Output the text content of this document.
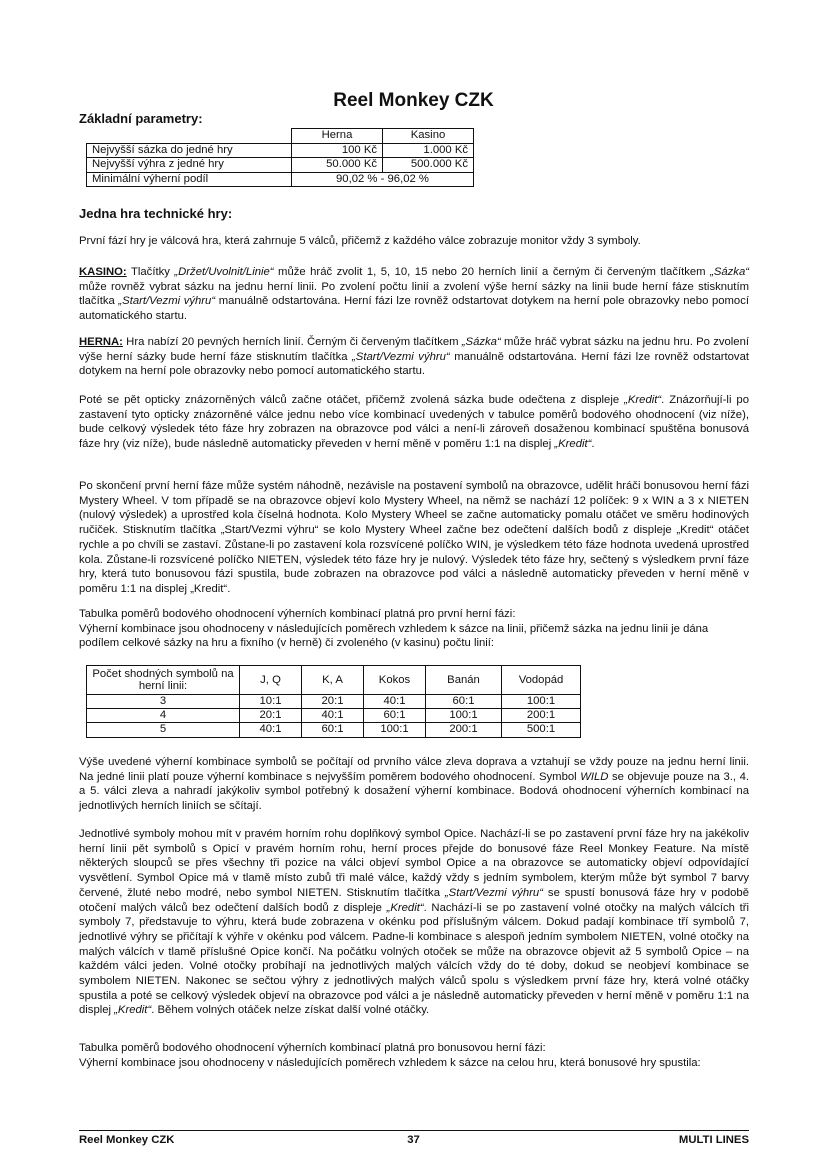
Reel Monkey CZK
Základní parametry:
	Herna	Kasino
Nejvyšší sázka do jedné hry	100 Kč	1.000 Kč
Nejvyšší výhra z jedné hry	50.000 Kč	500.000 Kč
Minimální výherní podíl	90,02 % - 96,02 %	
Jedna hra technické hry:
První fází hry je válcová hra, která zahrnuje 5 válců, přičemž z každého válce zobrazuje monitor vždy 3 symboly.
KASINO: Tlačítky „Držet/Uvolnit/Linie“ může hráč zvolit 1, 5, 10, 15 nebo 20 herních linií a černým či červeným tlačítkem „Sázka“ může rovněž vybrat sázku na jednu herní linii. Po zvolení počtu linií a zvolení výše herní sázky na linii bude herní fáze stisknutím tlačítka „Start/Vezmi výhru“ manuálně odstartována. Herní fázi lze rovněž odstartovat dotykem na herní pole obrazovky nebo pomocí automatického startu.
HERNA: Hra nabízí 20 pevných herních linií. Černým či červeným tlačítkem „Sázka“ může hráč vybrat sázku na jednu hru. Po zvolení výše herní sázky bude herní fáze stisknutím tlačítka „Start/Vezmi výhru“ manuálně odstartována. Herní fázi lze rovněž odstartovat dotykem na herní pole obrazovky nebo pomocí automatického startu.
Poté se pět opticky znázorněných válců začne otáčet, přičemž zvolená sázka bude odečtena z displeje „Kredit“. Znázorňují-li po zastavení tyto opticky znázorněné válce jednu nebo více kombinací uvedených v tabulce poměrů bodového ohodnocení (viz níže), bude celkový výsledek této fáze hry zobrazen na obrazovce pod válci a není-li zároveň dosaženou kombinací spuštěna bonusová fáze hry (viz níže), bude následně automaticky převeden v herní měně v poměru 1:1 na displej „Kredit“.
Po skončení první herní fáze může systém náhodně, nezávisle na postavení symbolů na obrazovce, udělit hráči bonusovou herní fázi Mystery Wheel. V tom případě se na obrazovce objeví kolo Mystery Wheel, na němž se nachází 12 políček: 9 x WIN a 3 x NIETEN (nulový výsledek) a uprostřed kola číselná hodnota. Kolo Mystery Wheel se začne automaticky pomalu otáčet ve směru hodinových ručiček. Stisknutím tlačítka „Start/Vezmi výhru“ se kolo Mystery Wheel začne bez odečtení dalších bodů z displeje „Kredit“ otáčet rychle a po chvíli se zastaví. Zůstane-li po zastavení kola rozsvícené políčko WIN, je výsledkem této fáze hodnota uvedená uprostřed kola. Zůstane-li rozsvícené políčko NIETEN, výsledek této fáze hry je nulový. Výsledek této fáze hry, sečtený s výsledkem první fáze hry, která tuto bonusovou fázi spustila, bude zobrazen na obrazovce pod válci a následně automaticky převeden v herní měně v poměru 1:1 na displej „Kredit“.
Tabulka poměrů bodového ohodnocení výherních kombinací platná pro první herní fázi:
Výherní kombinace jsou ohodnoceny v následujících poměrech vzhledem k sázce na linii, přičemž sázka na jednu linii je dána podílem celkové sázky na hru a fixního (v herně) či zvoleného (v kasinu) počtu linií:
Počet shodných symbolů na herní linii:	J, Q	K, A	Kokos	Banán	Vodopád
3	10:1	20:1	40:1	60:1	100:1
4	20:1	40:1	60:1	100:1	200:1
5	40:1	60:1	100:1	200:1	500:1
Výše uvedené výherní kombinace symbolů se počítají od prvního válce zleva doprava a vztahují se vždy pouze na jednu herní linii. Na jedné linii platí pouze výherní kombinace s nejvyšším poměrem bodového ohodnocení. Symbol WILD se objevuje pouze na 3., 4. a 5. válci zleva a nahradí jakýkoliv symbol potřebný k dosažení výherní kombinace. Bodová ohodnocení výherních kombinací na jednotlivých herních liniích se sčítají.
Jednotlivé symboly mohou mít v pravém horním rohu doplňkový symbol Opice. Nachází-li se po zastavení první fáze hry na jakékoliv herní linii pět symbolů s Opicí v pravém horním rohu, herní proces přejde do bonusové fáze Reel Monkey Feature. Na místě některých sloupců se přes všechny tři pozice na válci objeví symbol Opice a na obrazovce se automaticky objeví odpovídající vysvětlení. Symbol Opice má v tlamě místo zubů tři malé válce, každý vždy s jedním symbolem, kterým může být symbol 7 barvy červené, žluté nebo modré, nebo symbol NIETEN. Stisknutím tlačítka „Start/Vezmi výhru“ se spustí bonusová fáze hry v podobě otočení malých válců bez odečtení dalších bodů z displeje „Kredit“. Nachází-li se po zastavení volné otočky na malých válcích tři symboly 7, představuje to výhru, která bude zobrazena v okénku pod příslušným válcem. Dokud padají kombinace tří symbolů 7, jednotlivé výhry se přičítají k výhře v okénku pod válcem. Padne-li kombinace s alespoň jedním symbolem NIETEN, volné otočky na malých válcích v tlamě příslušné Opice končí. Na počátku volných otoček se může na obrazovce objevit až 5 symbolů Opice – na každém válci jeden. Volné otočky probíhají na jednotlivých malých válcích vždy do té doby, dokud se neobjeví kombinace se symbolem NIETEN. Nakonec se sečtou výhry z jednotlivých malých válců spolu s výsledkem první fáze hry, která volné otáčky spustila a poté se celkový výsledek objeví na obrazovce pod válci a je následně automaticky převeden v herní měně v poměru 1:1 na displej „Kredit“. Během volných otáček nelze získat další volné otáčky.
Tabulka poměrů bodového ohodnocení výherních kombinací platná pro bonusovou herní fázi:
Výherní kombinace jsou ohodnoceny v následujících poměrech vzhledem k sázce na celou hru, která bonusové hry spustila:
Reel Monkey CZK	37	MULTI LINES
